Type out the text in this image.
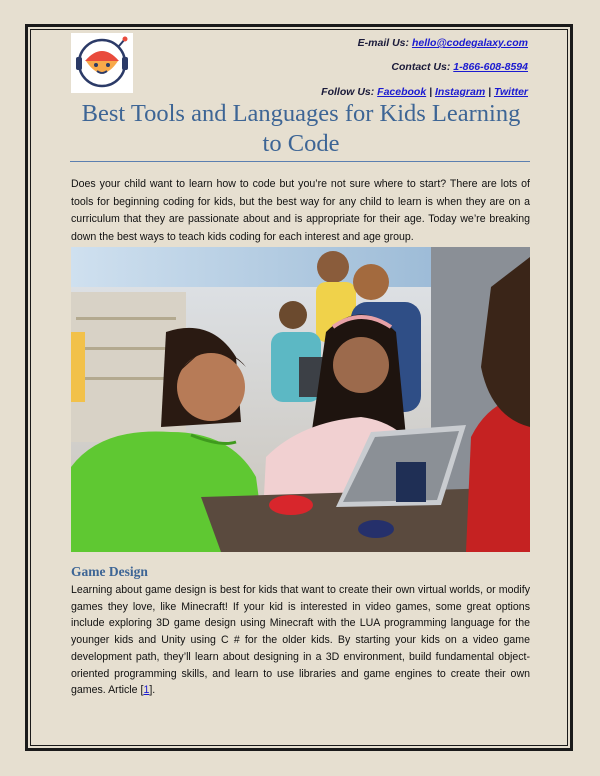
E-mail Us: hello@codegalaxy.com
Contact Us: 1-866-608-8594
Follow Us: Facebook | Instagram | Twitter
Best Tools and Languages for Kids Learning to Code

Does your child want to learn how to code but you’re not sure where to start? There are lots of tools for beginning coding for kids, but the best way for any child to learn is when they are on a curriculum that they are passionate about and is appropriate for their age. Today we’re breaking down the best ways to teach kids coding for each interest and age group.

Game Design

Learning about game design is best for kids that want to create their own virtual worlds, or modify games they love, like Minecraft! If your kid is interested in video games, some great options include exploring 3D game design using Minecraft with the LUA programming language for the younger kids and Unity using C # for the older kids. By starting your kids on a video game development path, they’ll learn about designing in a 3D environment, build fundamental object-oriented programming skills, and learn to use libraries and game engines to create their own games. Article [1].
